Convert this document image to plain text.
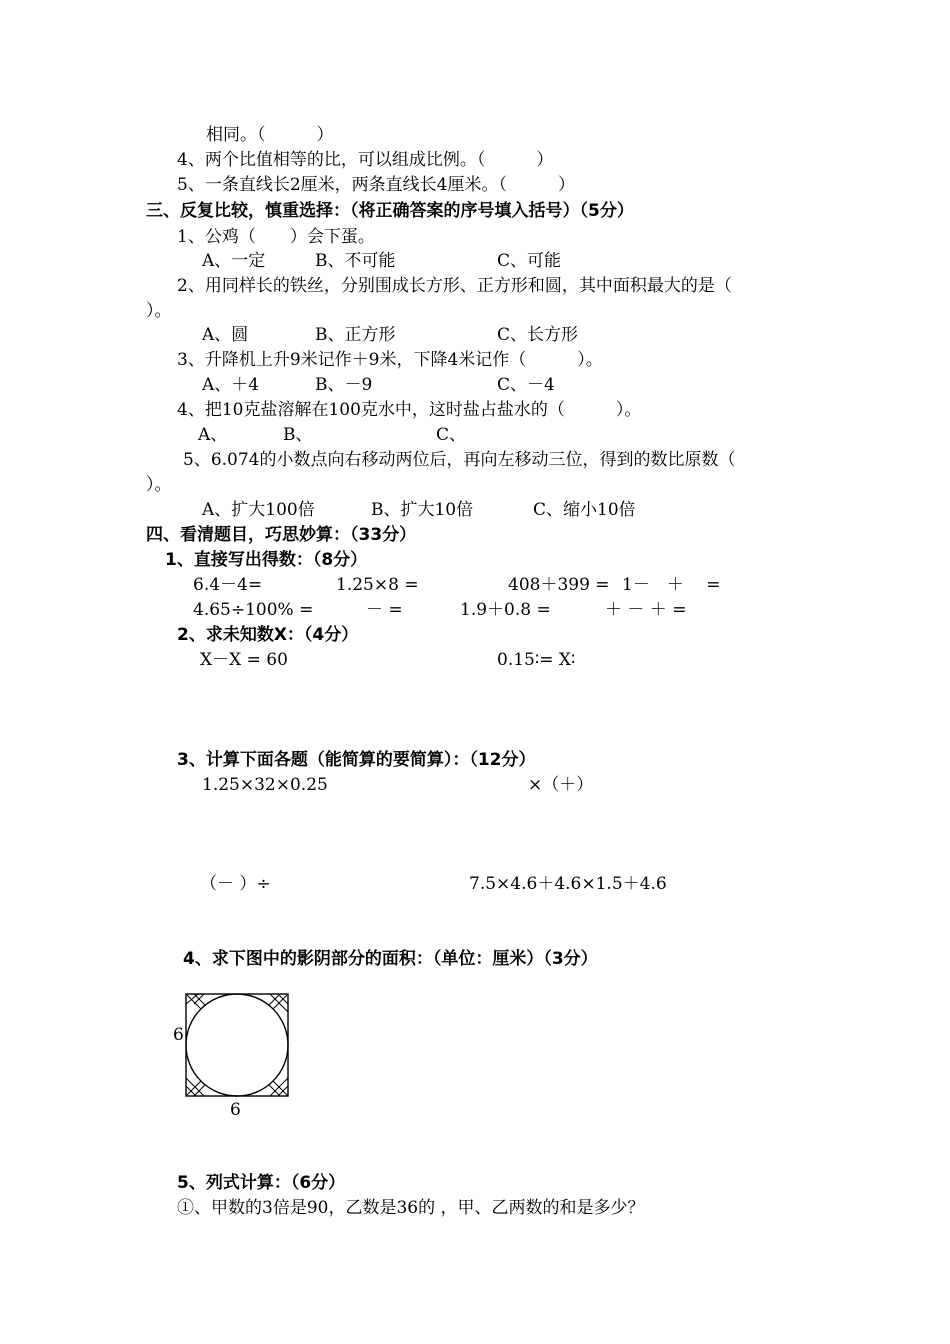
相同。（　　　）
4、两个比值相等的比，可以组成比例。（　　　）
5、一条直线长2厘米，两条直线长4厘米。（　　　）
三、反复比较，慎重选择：（将正确答案的序号填入括号）（5分）
1、公鸡（　　）会下蛋。
A、一定	B、不可能	C、可能
2、用同样长的铁丝，分别围成长方形、正方形和圆，其中面积最大的是（
）。
A、圆	B、正方形	C、长方形
3、升降机上升9米记作＋9米，下降4米记作（　　　）。
A、＋4	B、－9	C、－4
4、把10克盐溶解在100克水中，这时盐占盐水的（　　　）。
A、	B、	C、
5、6.074的小数点向右移动两位后，再向左移动三位，得到的数比原数（
）。
A、扩大100倍	B、扩大10倍	C、缩小10倍
四、看清题目，巧思妙算：（33分）
1、直接写出得数：（8分）
6.4－4=	1.25×8 =	408＋399 = 1－　＋　 =
4.65÷100% =	－ =	1.9＋0.8 =	＋ － ＋ =
2、求未知数X：（4分）
X－X = 60	0.15∶= X∶
3、计算下面各题（能简算的要简算）：（12分）
1.25×32×0.25	×（＋）
（－ ）÷	7.5×4.6＋4.6×1.5＋4.6
4、求下图中的影阴部分的面积：（单位：厘米）（3分）
6
6
5、列式计算：（6分）
①、甲数的3倍是90，乙数是36的 ，甲、乙两数的和是多少？
